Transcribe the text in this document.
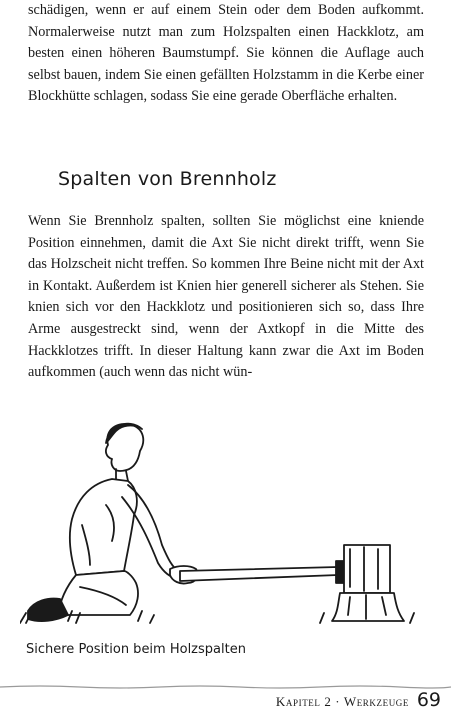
schädigen, wenn er auf einem Stein oder dem Boden aufkommt. Normalerweise nutzt man zum Holzspalten einen Hackklotz, am besten einen höheren Baumstumpf. Sie können die Auflage auch selbst bauen, indem Sie einen gefällten Holzstamm in die Kerbe einer Blockhütte schlagen, sodass Sie eine gerade Oberfläche erhalten.

Spalten von Brennholz

Wenn Sie Brennholz spalten, sollten Sie möglichst eine kniende Position einnehmen, damit die Axt Sie nicht direkt trifft, wenn Sie das Holzscheit nicht treffen. So kommen Ihre Beine nicht mit der Axt in Kontakt. Außerdem ist Knien hier generell sicherer als Stehen. Sie knien sich vor den Hackklotz und positionieren sich so, dass Ihre Arme ausgestreckt sind, wenn der Axtkopf in die Mitte des Hackklotzes trifft. In dieser Haltung kann zwar die Axt im Boden aufkommen (auch wenn das nicht wün-

Sichere Position beim Holzspalten
Kapitel 2 · Werkzeuge 69
